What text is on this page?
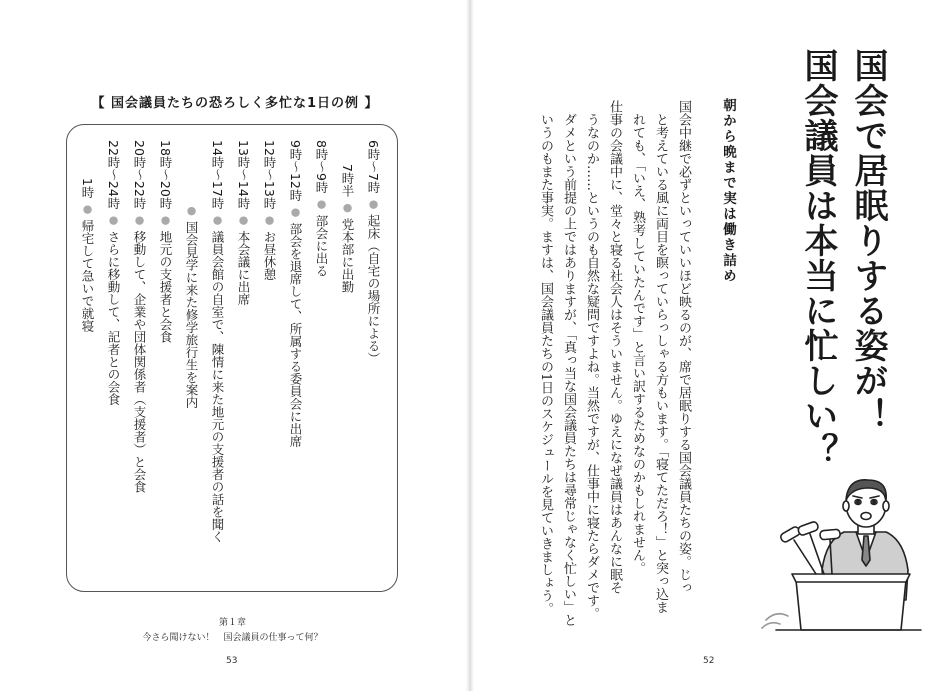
【 国会議員たちの恐ろしく多忙な1日の例 】
6時〜7時 ● 起床（自宅の場所による）
7時半 ● 党本部に出勤
8時〜9時 ● 部会に出る
9時〜12時 ● 部会を退席して、所属する委員会に出席
12時〜13時 ● お昼休憩
13時〜14時 ● 本会議に出席
14時〜17時 ● 議員会館の自室で、陳情に来た地元の支援者の話を聞く
● 国会見学に来た修学旅行生を案内
18時〜20時 ● 地元の支援者と会食
20時〜22時 ● 移動して、企業や団体関係者（支援者）と会食
22時〜24時 ● さらに移動して、記者との会食
1時 ● 帰宅して急いで就寝
第１章
今さら聞けない！　国会議員の仕事って何？
53
国会で居眠りする姿が！
国会議員は本当に忙しい？
朝から晩まで実は働き詰め
国会中継で必ずといっていいほど映るのが、席で居眠りする国会議員たちの姿。じっ
と考えている風に両目を瞑っていらっしゃる方もいます。「寝てただろ！」と突っ込ま
れても、「いえ、熟考していたんです」と言い訳するためなのかもしれません。
仕事の会議中に、堂々と寝る社会人はそういません。ゆえになぜ議員はあんなに眠そ
うなのか……というのも自然な疑問ですよね。当然ですが、仕事中に寝たらダメです。
ダメという前提の上ではありますが、「真っ当な国会議員たちは尋常じゃなく忙しい」と
いうのもまた事実。ますは、国会議員たちの1日のスケジュールを見ていきましょう。
52
